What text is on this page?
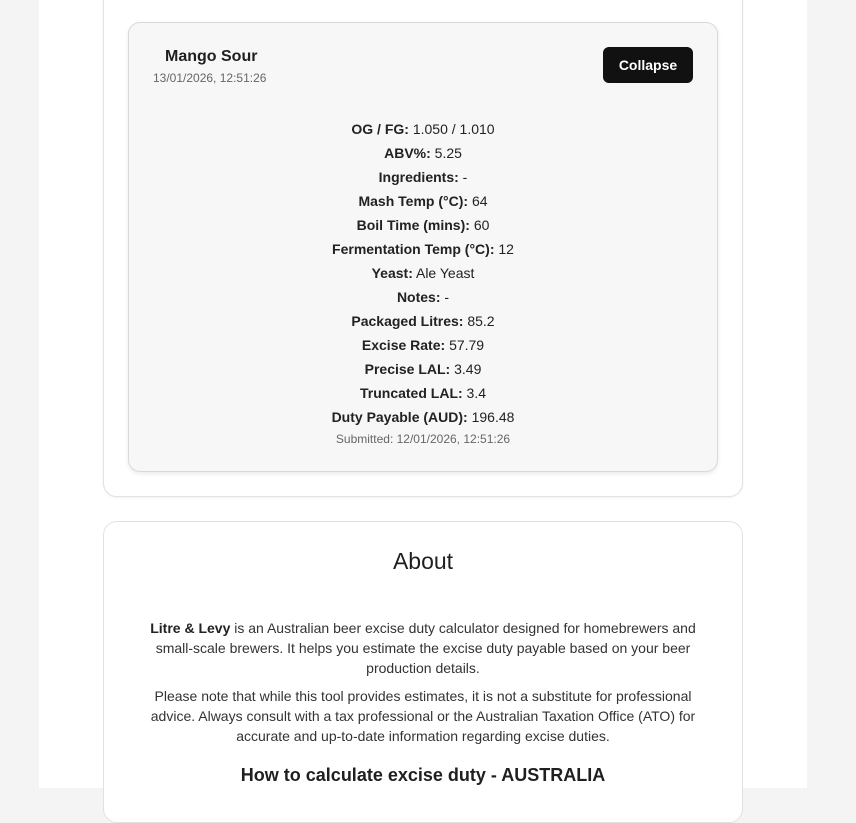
Mango Sour
13/01/2026, 12:51:26
Collapse
OG / FG: 1.050 / 1.010
ABV%: 5.25
Ingredients: -
Mash Temp (°C): 64
Boil Time (mins): 60
Fermentation Temp (°C): 12
Yeast: Ale Yeast
Notes: -
Packaged Litres: 85.2
Excise Rate: 57.79
Precise LAL: 3.49
Truncated LAL: 3.4
Duty Payable (AUD): 196.48
Submitted: 12/01/2026, 12:51:26
About

Litre & Levy is an Australian beer excise duty calculator designed for homebrewers and small-scale brewers. It helps you estimate the excise duty payable based on your beer production details.

Please note that while this tool provides estimates, it is not a substitute for professional advice. Always consult with a tax professional or the Australian Taxation Office (ATO) for accurate and up-to-date information regarding excise duties.

How to calculate excise duty - AUSTRALIA
